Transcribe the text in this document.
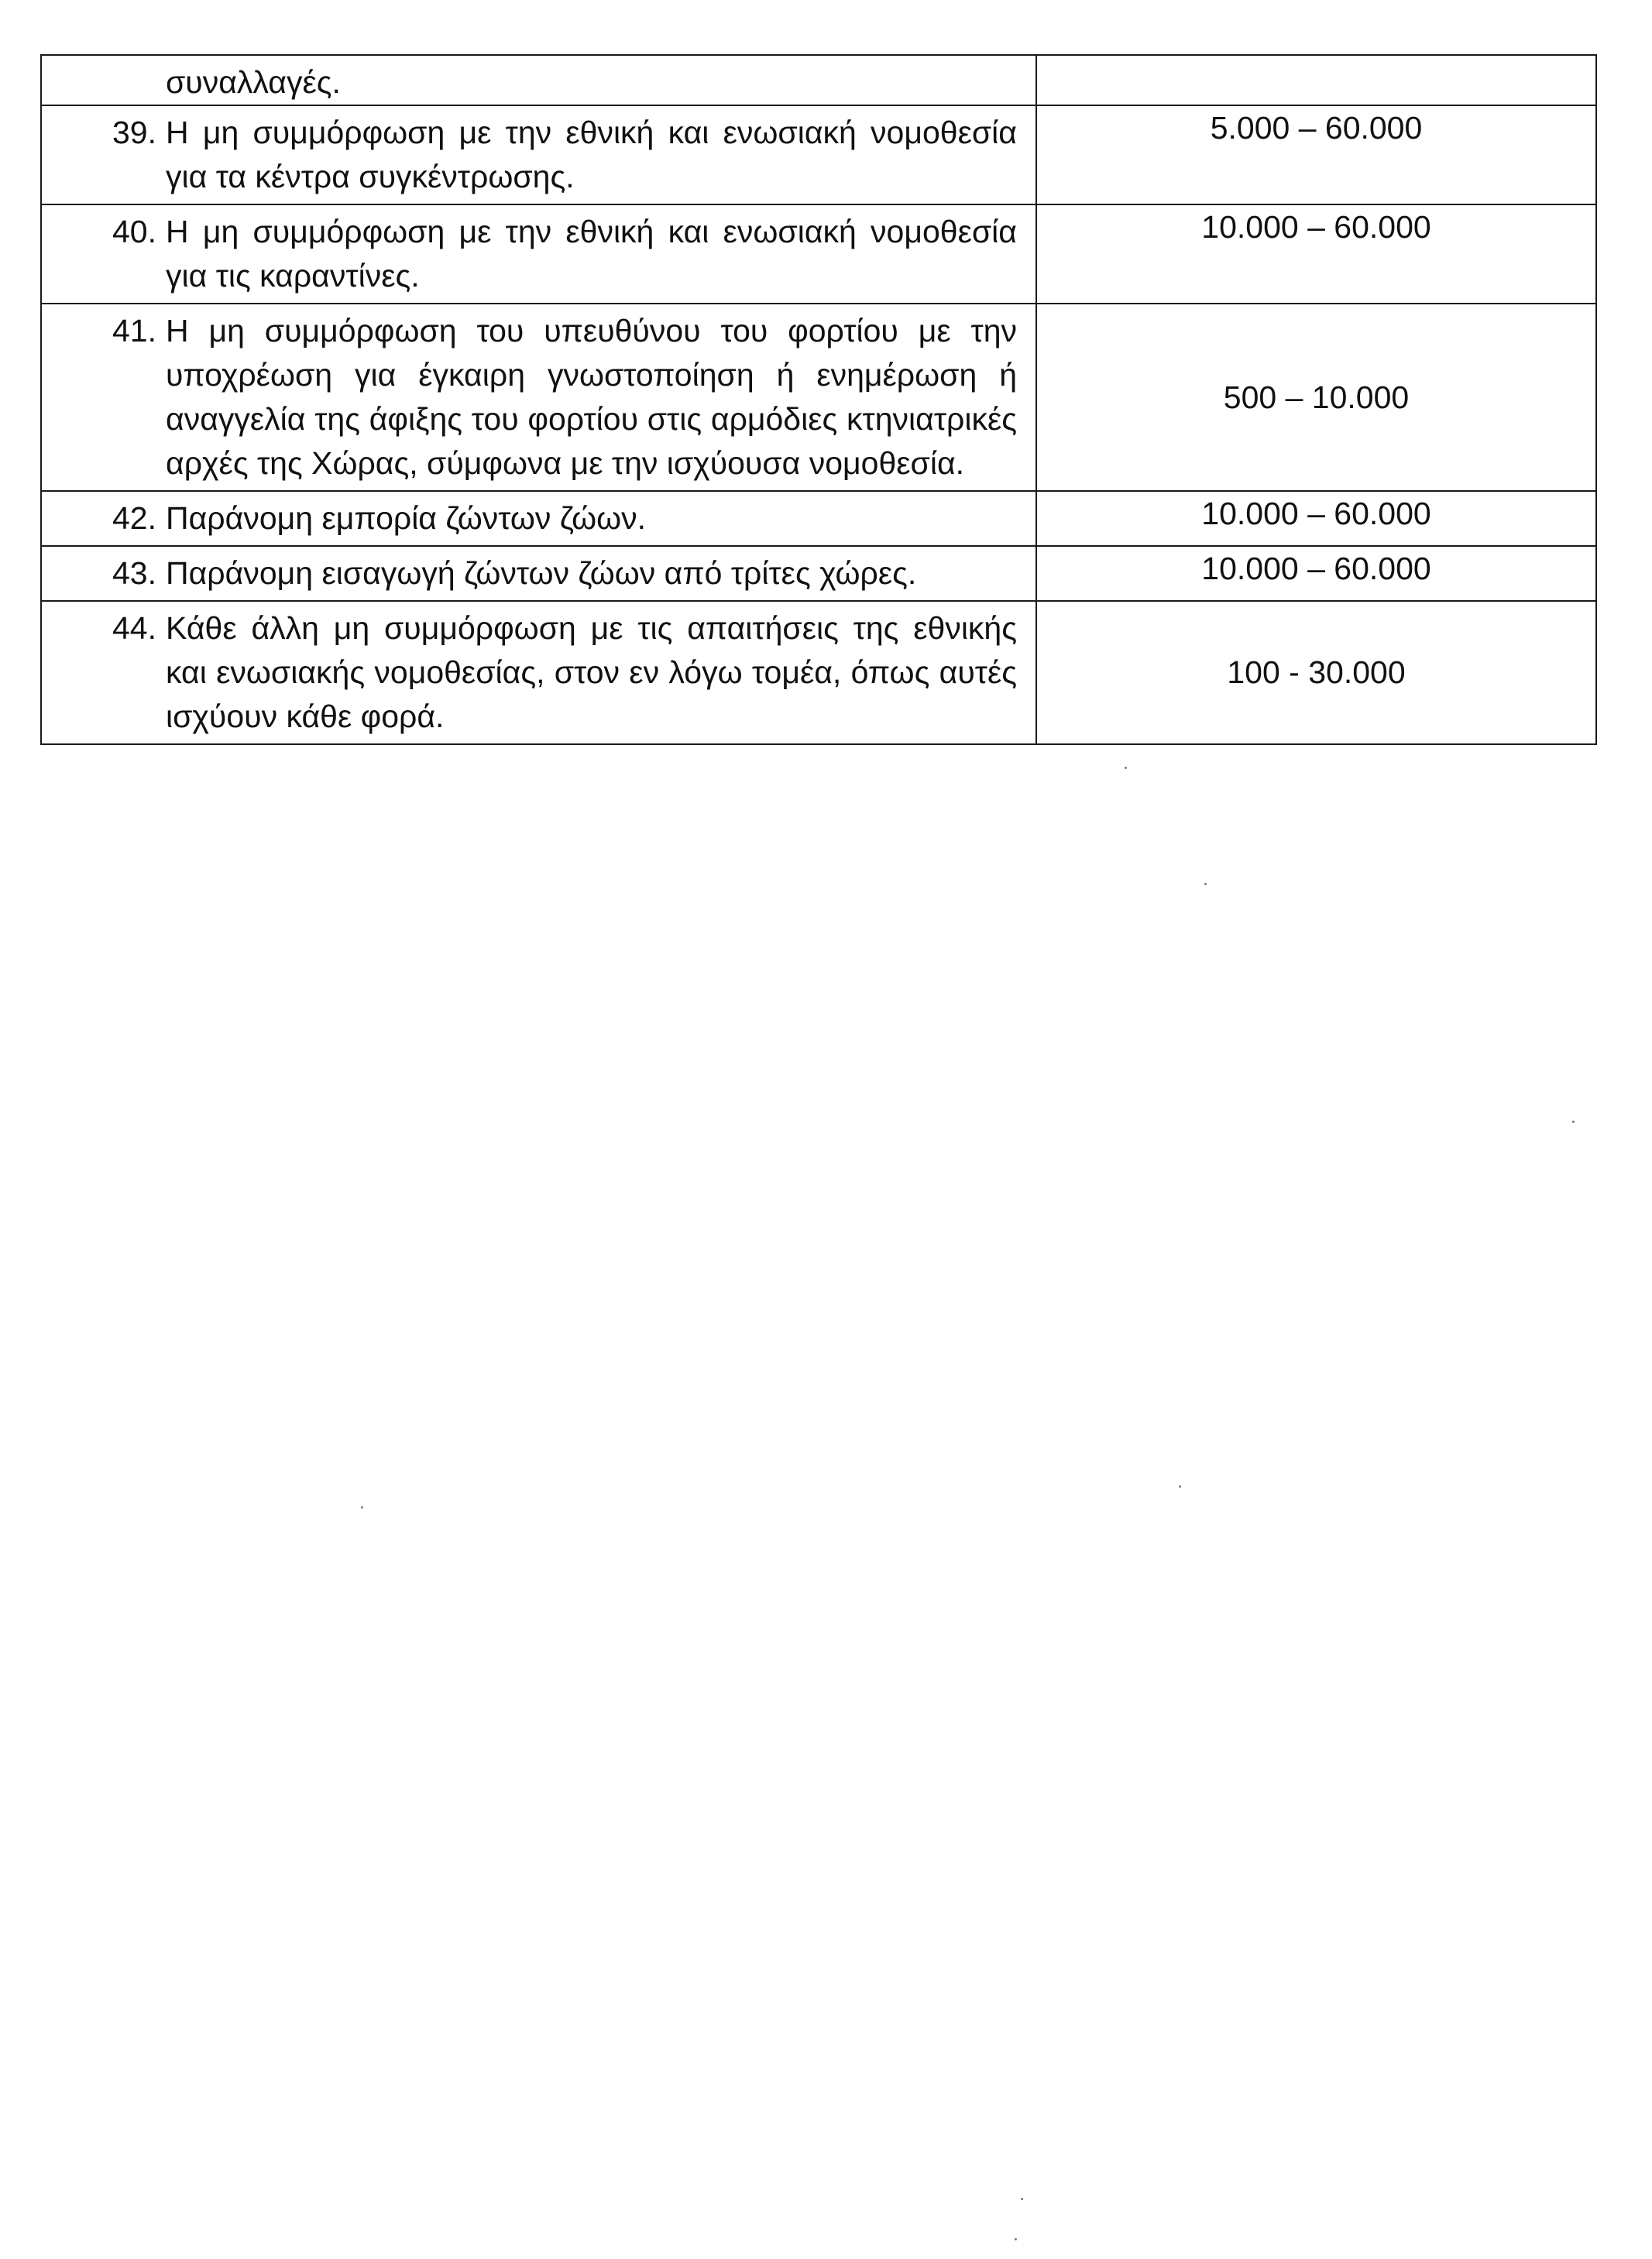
συναλλαγές.	

39. Η μη συμμόρφωση με την εθνική και ενωσιακή νομοθεσία για τα κέντρα συγκέντρωσης.	5.000 – 60.000

40. Η μη συμμόρφωση με την εθνική και ενωσιακή νομοθεσία για τις καραντίνες.	10.000 – 60.000

41. Η μη συμμόρφωση του υπευθύνου του φορτίου με την υποχρέωση για έγκαιρη γνωστοποίηση ή ενημέρωση ή αναγγελία της άφιξης του φορτίου στις αρμόδιες κτηνιατρικές αρχές της Χώρας, σύμφωνα με την ισχύουσα νομοθεσία.	500 – 10.000

42. Παράνομη εμπορία ζώντων ζώων.	10.000 – 60.000

43. Παράνομη εισαγωγή ζώντων ζώων από τρίτες χώρες.	10.000 – 60.000

44. Κάθε άλλη μη συμμόρφωση με τις απαιτήσεις της εθνικής και ενωσιακής νομοθεσίας, στον εν λόγω τομέα, όπως αυτές ισχύουν κάθε φορά.	100 - 30.000
